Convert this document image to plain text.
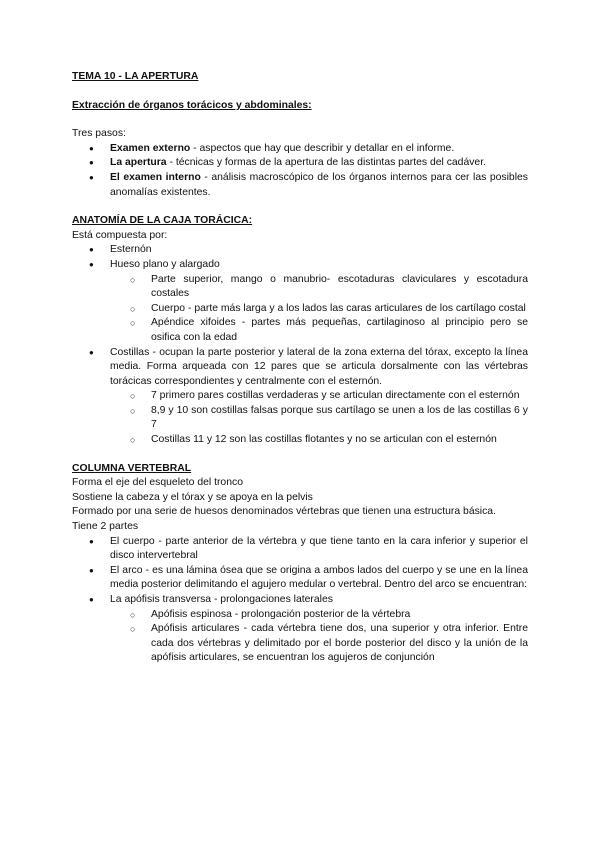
TEMA 10 - LA APERTURA

Extracción de órganos torácicos y abdominales:

Tres pasos:

● Examen externo - aspectos que hay que describir y detallar en el informe.
● La apertura - técnicas y formas de la apertura de las distintas partes del cadáver.
● El examen interno - análisis macroscópico de los órganos internos para cer las posibles anomalías existentes.

ANATOMÍA DE LA CAJA TORÁCICA:

Está compuesta por:

● Esternón
● Hueso plano y alargado
○ Parte superior, mango o manubrio- escotaduras claviculares y escotadura costales
○ Cuerpo - parte más larga y a los lados las caras articulares de los cartílago costal
○ Apéndice xifoides - partes más pequeñas, cartilaginoso al principio pero se osifica con la edad
● Costillas - ocupan la parte posterior y lateral de la zona externa del tórax, excepto la línea media. Forma arqueada con 12 pares que se articula dorsalmente con las vértebras torácicas correspondientes y centralmente con el esternón.
○ 7 primero pares costillas verdaderas y se articulan directamente con el esternón
○ 8,9 y 10 son costillas falsas porque sus cartílago se unen a los de las costillas 6 y 7
○ Costillas 11 y 12 son las costillas flotantes y no se articulan con el esternón

COLUMNA VERTEBRAL

Forma el eje del esqueleto del tronco

Sostiene la cabeza y el tórax y se apoya en la pelvis

Formado por una serie de huesos denominados vértebras que tienen una estructura básica.

Tiene 2 partes

● El cuerpo - parte anterior de la vértebra y que tiene tanto en la cara inferior y superior el disco intervertebral
● El arco - es una lámina ósea que se origina a ambos lados del cuerpo y se une en la línea media posterior delimitando el agujero medular o vertebral. Dentro del arco se encuentran:
● La apófisis transversa - prolongaciones laterales
○ Apófisis espinosa - prolongación posterior de la vértebra
○ Apófisis articulares - cada vértebra tiene dos, una superior y otra inferior. Entre cada dos vértebras y delimitado por el borde posterior del disco y la unión de la apófisis articulares, se encuentran los agujeros de conjunción
